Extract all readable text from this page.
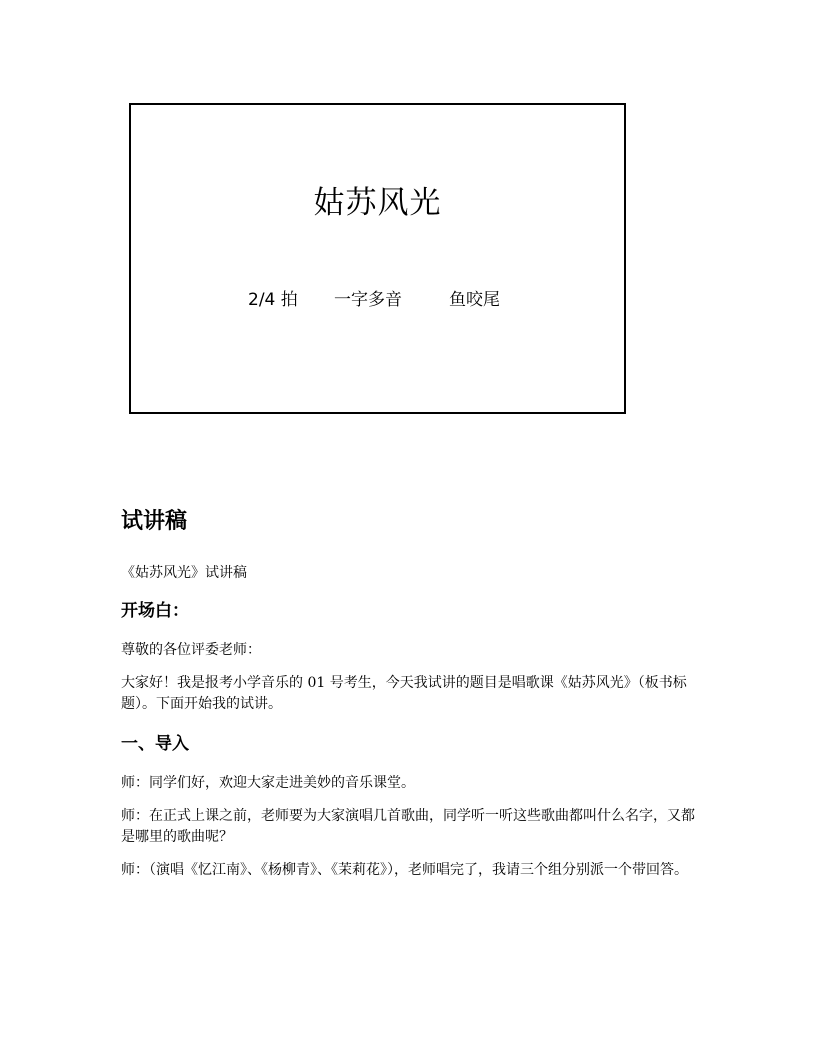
姑苏风光
2/4 拍 一字多音	鱼咬尾
试讲稿

《姑苏风光》试讲稿

开场白：

尊敬的各位评委老师：

大家好！我是报考小学音乐的 01 号考生，今天我试讲的题目是唱歌课《姑苏风光》（板书标题）。下面开始我的试讲。

一、导入

师：同学们好，欢迎大家走进美妙的音乐课堂。

师：在正式上课之前，老师要为大家演唱几首歌曲，同学听一听这些歌曲都叫什么名字，又都是哪里的歌曲呢？

师：（演唱《忆江南》、《杨柳青》、《茉莉花》），老师唱完了，我请三个组分别派一个带回答。
